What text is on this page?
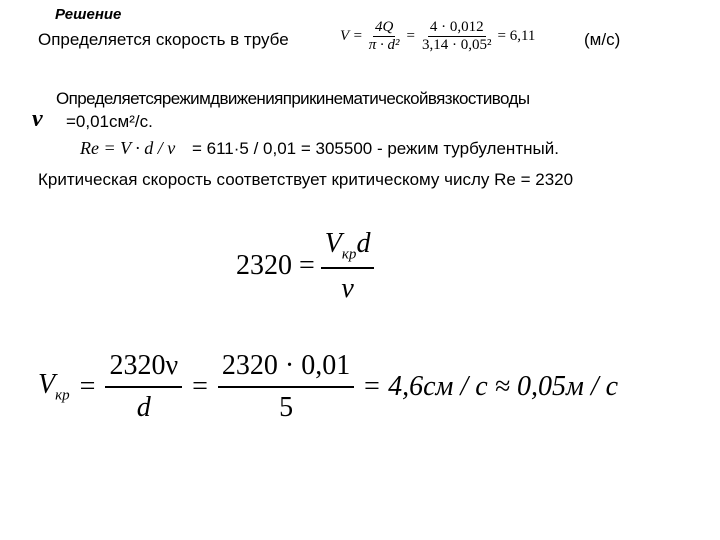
Решение
Определяется скорость в трубе	$V = \frac{4Q}{\text{π · d²}} = \frac{4 \cdot 0,012}{\text{3,14 · 0,05²}} = 6,11$	(м/с)
Определяетсярежимдвиженияприкинематическойвязкостиводы
ν =0,01см²/с.
Re = V · d / ν = 611·5 / 0,01 = 305500 - режим турбулентный.
Критическая скорость соответствует критическому числу Re = 2320
$2320 = \frac{V_{кр}d}{\nu}$
$V_{кр} = \frac{2320\nu}{d} = \frac{2320 \cdot 0,01}{5} = 4,6см / с \approx 0,05м / с$
